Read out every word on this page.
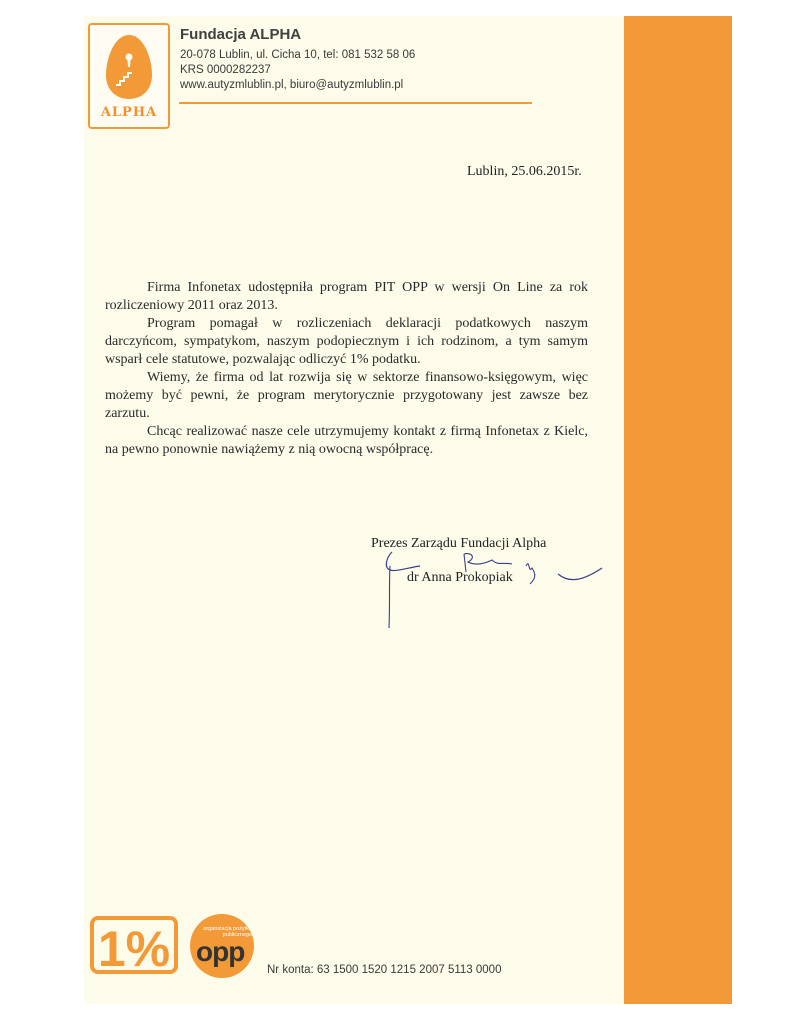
ALPHA
Fundacja ALPHA
20-078 Lublin, ul. Cicha 10, tel: 081 532 58 06
KRS 0000282237
www.autyzmlublin.pl, biuro@autyzmlublin.pl
Lublin, 25.06.2015r.

Firma Infonetax udostępniła program PIT OPP w wersji On Line za rok rozliczeniowy 2011 oraz 2013.

Program pomagał w rozliczeniach deklaracji podatkowych naszym darczyńcom, sympatykom, naszym podopiecznym i ich rodzinom, a tym samym wsparł cele statutowe, pozwalając odliczyć 1% podatku.

Wiemy, że firma od lat rozwija się w sektorze finansowo-księgowym, więc możemy być pewni, że program merytorycznie przygotowany jest zawsze bez zarzutu.

Chcąc realizować nasze cele utrzymujemy kontakt z firmą Infonetax z Kielc, na pewno ponownie nawiążemy z nią owocną współpracę.

Prezes Zarządu Fundacji Alpha
dr Anna Prokopiak
1%	organizacja pożytku publicznego
opp
Nr konta: 63 1500 1520 1215 2007 5113 0000
